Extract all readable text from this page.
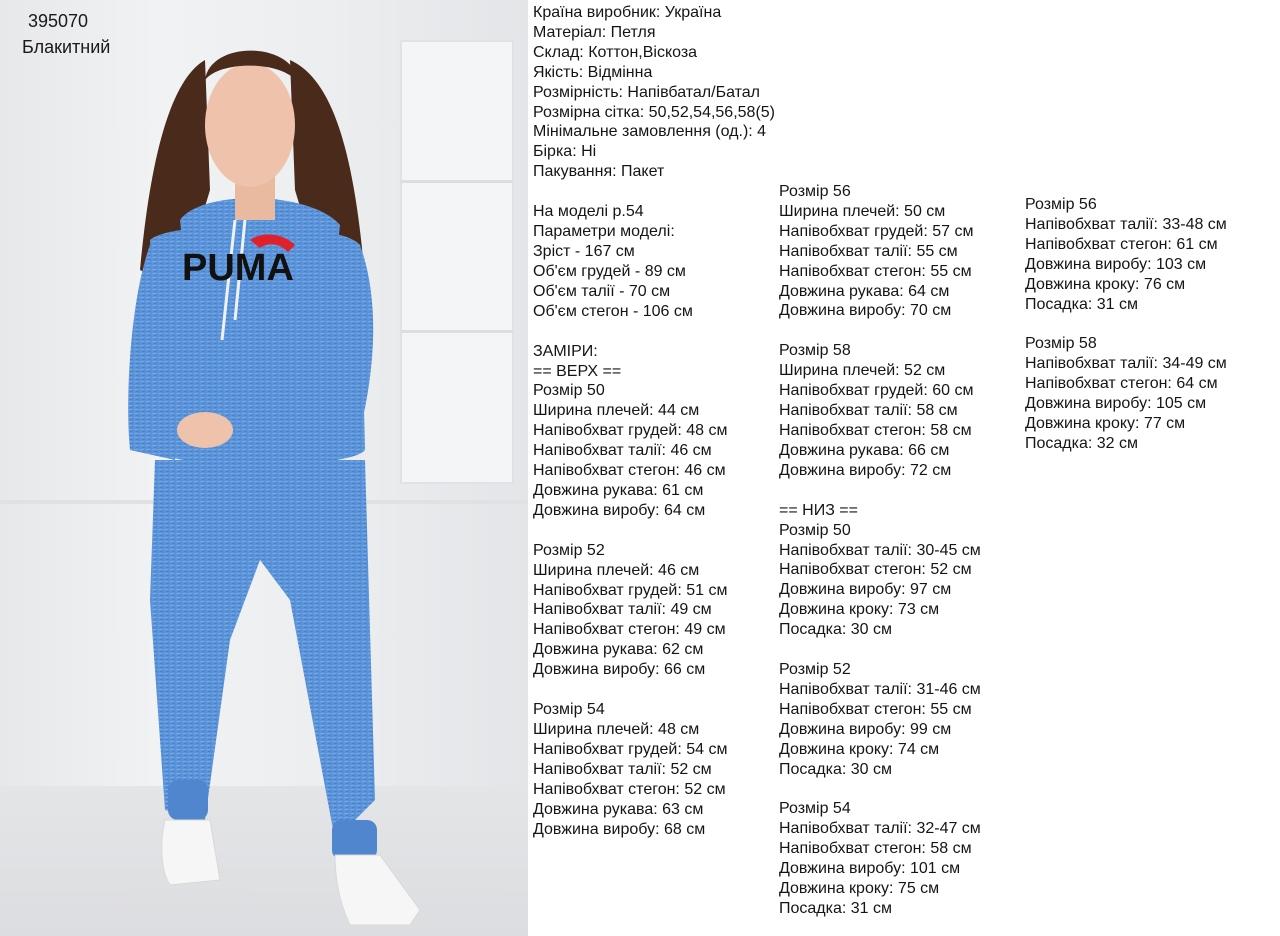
PUMA
395070
Блакитний
Країна виробник: Україна
Матеріал: Петля
Склад: Коттон,Віскоза
Якість: Відмінна
Розмірність: Напівбатал/Батал
Розмірна сітка: 50,52,54,56,58(5)
Мінімальне замовлення (од.): 4
Бірка: Ні
Пакування: Пакет
На моделі р.54
Параметри моделі:
Зріст - 167 см
Об'єм грудей - 89 см
Об'єм талії - 70 см
Об'єм стегон - 106 см
ЗАМІРИ:
== ВЕРХ ==
Розмір 50
Ширина плечей: 44 см
Напівобхват грудей: 48 см
Напівобхват талії: 46 см
Напівобхват стегон: 46 см
Довжина рукава: 61 см
Довжина виробу: 64 см
Розмір 52
Ширина плечей: 46 см
Напівобхват грудей: 51 см
Напівобхват талії: 49 см
Напівобхват стегон: 49 см
Довжина рукава: 62 см
Довжина виробу: 66 см
Розмір 54
Ширина плечей: 48 см
Напівобхват грудей: 54 см
Напівобхват талії: 52 см
Напівобхват стегон: 52 см
Довжина рукава: 63 см
Довжина виробу: 68 см
Розмір 56
Ширина плечей: 50 см
Напівобхват грудей: 57 см
Напівобхват талії: 55 см
Напівобхват стегон: 55 см
Довжина рукава: 64 см
Довжина виробу: 70 см
Розмір 58
Ширина плечей: 52 см
Напівобхват грудей: 60 см
Напівобхват талії: 58 см
Напівобхват стегон: 58 см
Довжина рукава: 66 см
Довжина виробу: 72 см
== НИЗ ==
Розмір 50
Напівобхват талії: 30-45 см
Напівобхват стегон: 52 см
Довжина виробу: 97 см
Довжина кроку: 73 см
Посадка: 30 см
Розмір 52
Напівобхват талії: 31-46 см
Напівобхват стегон: 55 см
Довжина виробу: 99 см
Довжина кроку: 74 см
Посадка: 30 см
Розмір 54
Напівобхват талії: 32-47 см
Напівобхват стегон: 58 см
Довжина виробу: 101 см
Довжина кроку: 75 см
Посадка: 31 см
Розмір 56
Напівобхват талії: 33-48 см
Напівобхват стегон: 61 см
Довжина виробу: 103 см
Довжина кроку: 76 см
Посадка: 31 см
Розмір 58
Напівобхват талії: 34-49 см
Напівобхват стегон: 64 см
Довжина виробу: 105 см
Довжина кроку: 77 см
Посадка: 32 см
